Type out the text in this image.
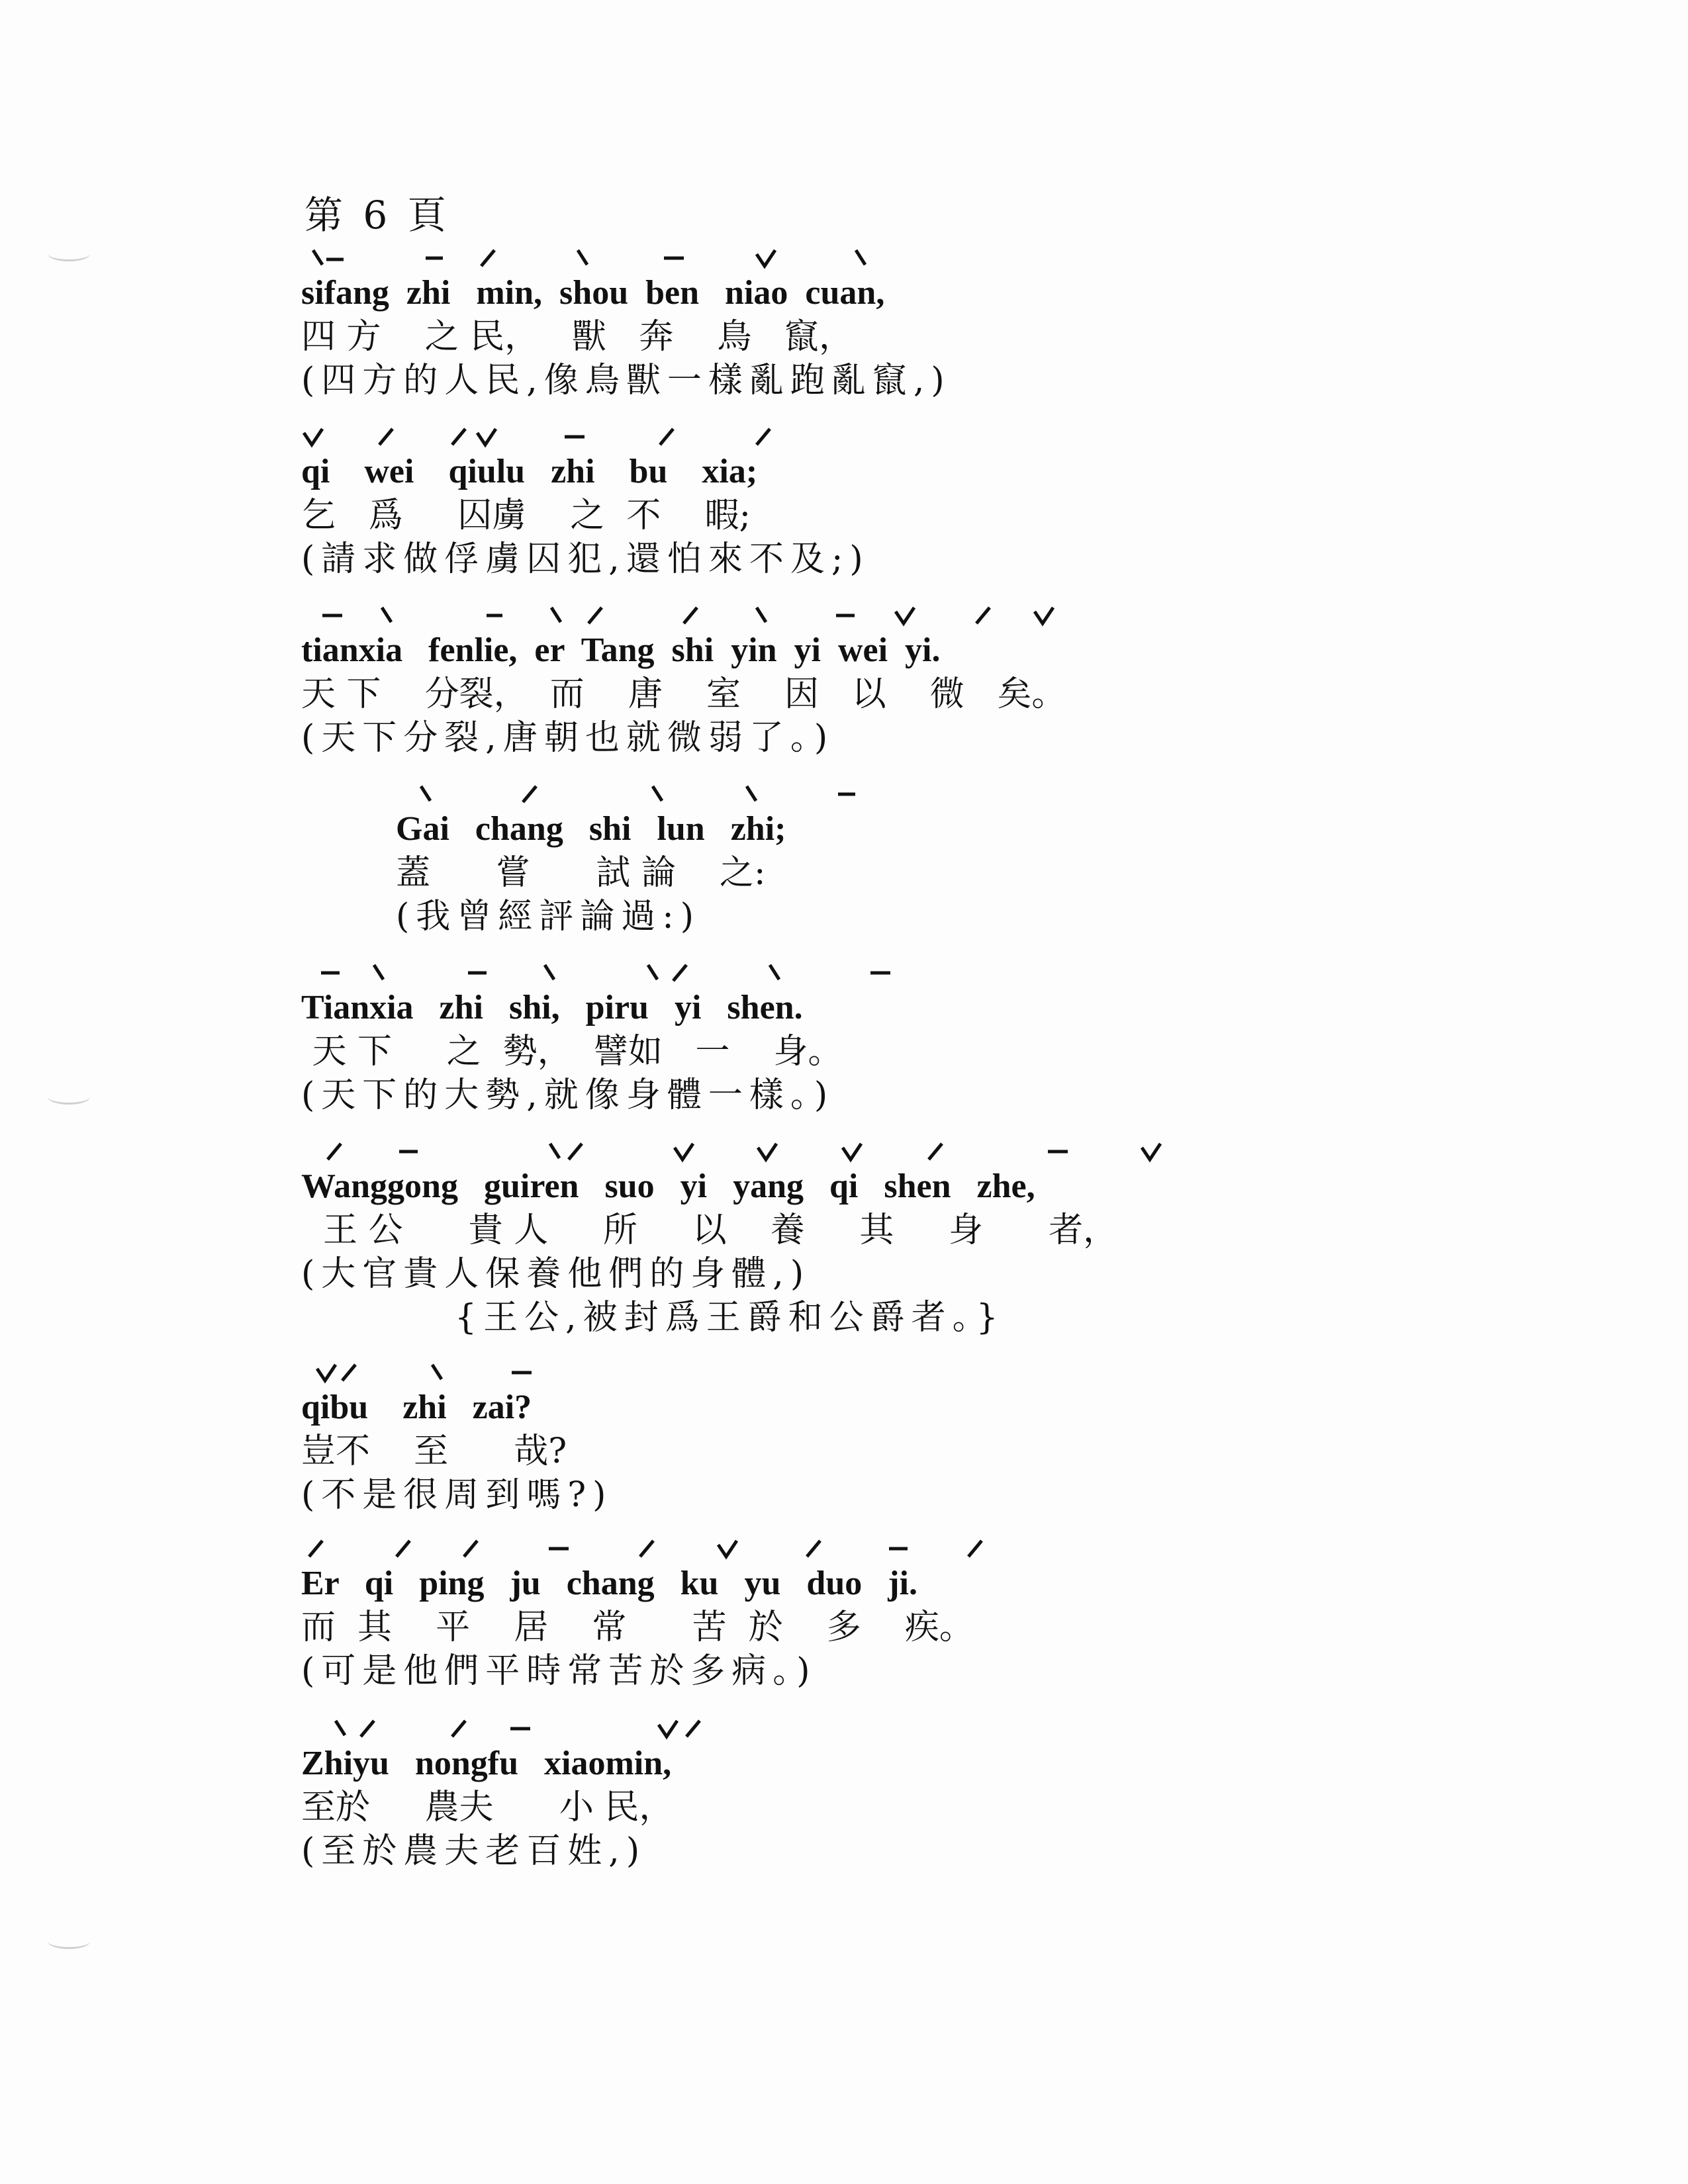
第 6 頁
sifang  zhi   min,  shou  ben   niao  cuan,
四 方    之 民，   獸   奔    鳥   竄，
(四方的人民,像鳥獸一樣亂跑亂竄,)
qi    wei    qiulu   zhi    bu    xia;
乞   爲     囚虜    之  不    暇;
(請求做俘虜囚犯,還怕來不及;)
tianxia   fenlie,  er  Tang  shi  yin  yi  wei  yi.
天 下    分裂，  而    唐    室    因   以    微   矣。
(天下分裂,唐朝也就微弱了。)
Gai   chang   shi   lun   zhi;
蓋      嘗      試 論    之:
(我曾經評論過:)
Tianxia   zhi   shi,   piru   yi   shen.
天 下     之  勢，  譬如   一    身。
(天下的大勢,就像身體一樣。)
Wanggong   guiren   suo   yi   yang   qi   shen   zhe,
王 公      貴 人     所     以    養     其     身      者，
(大官貴人保養他們的身體,)
{王公,被封爲王爵和公爵者。}
qibu    zhi   zai?
豈不    至      哉?
(不是很周到嗎?)
Er   qi   ping   ju   chang   ku   yu   duo   ji.
而  其    平    居    常      苦  於    多    疾。
(可是他們平時常苦於多病。)
Zhiyu   nongfu   xiaomin,
至於     農夫      小 民，
(至於農夫老百姓,)
